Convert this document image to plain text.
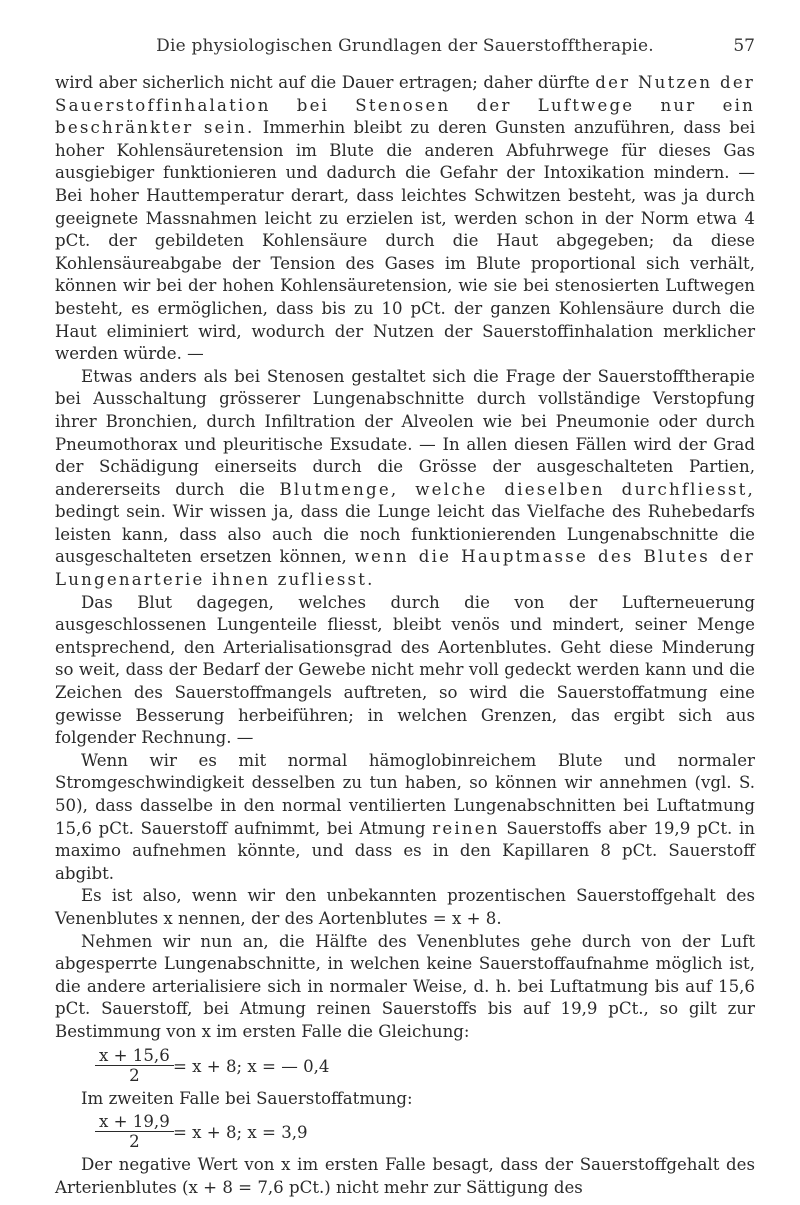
Die physiologischen Grundlagen der Sauerstofftherapie.	57

wird aber sicherlich nicht auf die Dauer ertragen; daher dürfte der Nutzen der Sauerstoffinhalation bei Stenosen der Luftwege nur ein beschränkter sein. Immerhin bleibt zu deren Gunsten anzuführen, dass bei hoher Kohlensäuretension im Blute die anderen Abfuhrwege für dieses Gas ausgiebiger funktionieren und dadurch die Gefahr der Intoxikation mindern. — Bei hoher Hauttemperatur derart, dass leichtes Schwitzen besteht, was ja durch geeignete Massnahmen leicht zu erzielen ist, werden schon in der Norm etwa 4 pCt. der gebildeten Kohlensäure durch die Haut abgegeben; da diese Kohlensäureabgabe der Tension des Gases im Blute proportional sich verhält, können wir bei der hohen Kohlensäuretension, wie sie bei stenosierten Luftwegen besteht, es ermöglichen, dass bis zu 10 pCt. der ganzen Kohlensäure durch die Haut eliminiert wird, wodurch der Nutzen der Sauerstoffinhalation merklicher werden würde. —

Etwas anders als bei Stenosen gestaltet sich die Frage der Sauerstofftherapie bei Ausschaltung grösserer Lungenabschnitte durch vollständige Verstopfung ihrer Bronchien, durch Infiltration der Alveolen wie bei Pneumonie oder durch Pneumothorax und pleuritische Exsudate. — In allen diesen Fällen wird der Grad der Schädigung einerseits durch die Grösse der ausgeschalteten Partien, andererseits durch die Blutmenge, welche dieselben durchfliesst, bedingt sein. Wir wissen ja, dass die Lunge leicht das Vielfache des Ruhebedarfs leisten kann, dass also auch die noch funktionierenden Lungenabschnitte die ausgeschalteten ersetzen können, wenn die Hauptmasse des Blutes der Lungenarterie ihnen zufliesst.

Das Blut dagegen, welches durch die von der Lufterneuerung ausgeschlossenen Lungenteile fliesst, bleibt venös und mindert, seiner Menge entsprechend, den Arterialisationsgrad des Aortenblutes. Geht diese Minderung so weit, dass der Bedarf der Gewebe nicht mehr voll gedeckt werden kann und die Zeichen des Sauerstoffmangels auftreten, so wird die Sauerstoffatmung eine gewisse Besserung herbeiführen; in welchen Grenzen, das ergibt sich aus folgender Rechnung. —

Wenn wir es mit normal hämoglobinreichem Blute und normaler Stromgeschwindigkeit desselben zu tun haben, so können wir annehmen (vgl. S. 50), dass dasselbe in den normal ventilierten Lungenabschnitten bei Luftatmung 15,6 pCt. Sauerstoff aufnimmt, bei Atmung reinen Sauerstoffs aber 19,9 pCt. in maximo aufnehmen könnte, und dass es in den Kapillaren 8 pCt. Sauerstoff abgibt.

Es ist also, wenn wir den unbekannten prozentischen Sauerstoffgehalt des Venenblutes x nennen, der des Aortenblutes = x + 8.

Nehmen wir nun an, die Hälfte des Venenblutes gehe durch von der Luft abgesperrte Lungenabschnitte, in welchen keine Sauerstoffaufnahme möglich ist, die andere arterialisiere sich in normaler Weise, d. h. bei Luftatmung bis auf 15,6 pCt. Sauerstoff, bei Atmung reinen Sauerstoffs bis auf 19,9 pCt., so gilt zur Bestimmung von x im ersten Falle die Gleichung:

$\frac{x + 15,6}{2} = x + 8$; x = — 0,4

Im zweiten Falle bei Sauerstoffatmung:

$\frac{x + 19,9}{2} = x + 8$; x = 3,9

Der negative Wert von x im ersten Falle besagt, dass der Sauerstoffgehalt des Arterienblutes (x + 8 = 7,6 pCt.) nicht mehr zur Sättigung des
